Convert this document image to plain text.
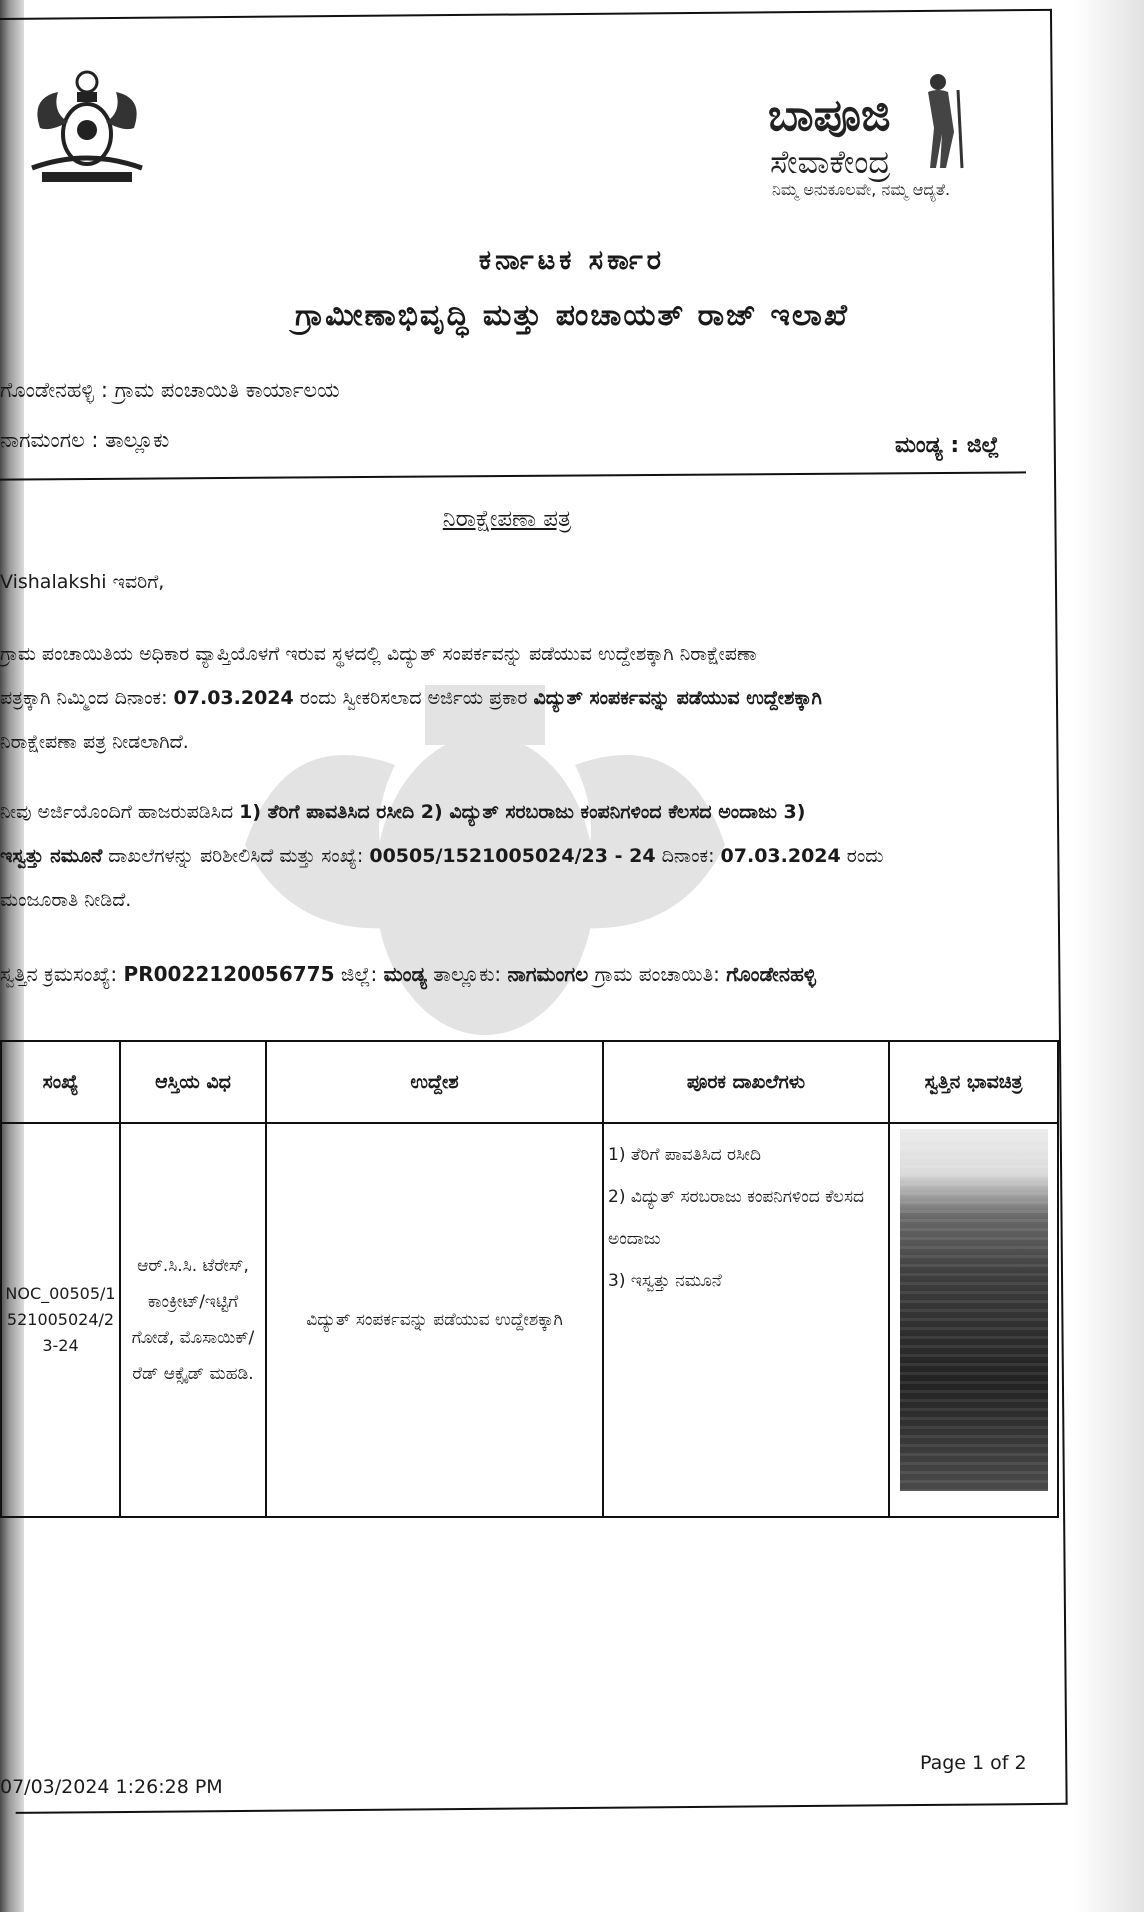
ಬಾಪೂಜಿ
ಸೇವಾಕೇಂದ್ರ
ನಿಮ್ಮ ಅನುಕೂಲವೇ, ನಮ್ಮ ಆದ್ಯತೆ.
ಕರ್ನಾಟಕ ಸರ್ಕಾರ
ಗ್ರಾಮೀಣಾಭಿವೃದ್ಧಿ ಮತ್ತು ಪಂಚಾಯತ್ ರಾಜ್ ಇಲಾಖೆ
ಗೊಂಡೇನಹಳ್ಳಿ : ಗ್ರಾಮ ಪಂಚಾಯಿತಿ ಕಾರ್ಯಾಲಯ
ನಾಗಮಂಗಲ : ತಾಲ್ಲೂಕು	ಮಂಡ್ಯ : ಜಿಲ್ಲೆ
ನಿರಾಕ್ಷೇಪಣಾ ಪತ್ರ
Vishalakshi ಇವರಿಗೆ,
ಗ್ರಾಮ ಪಂಚಾಯಿತಿಯ ಅಧಿಕಾರ ವ್ಯಾಪ್ತಿಯೊಳಗೆ ಇರುವ ಸ್ಥಳದಲ್ಲಿ ವಿದ್ಯುತ್ ಸಂಪರ್ಕವನ್ನು ಪಡೆಯುವ ಉದ್ದೇಶಕ್ಕಾಗಿ ನಿರಾಕ್ಷೇಪಣಾ
ಪತ್ರಕ್ಕಾಗಿ ನಿಮ್ಮಿಂದ ದಿನಾಂಕ: 07.03.2024 ರಂದು ಸ್ವೀಕರಿಸಲಾದ ಅರ್ಜಿಯ ಪ್ರಕಾರ ವಿದ್ಯುತ್ ಸಂಪರ್ಕವನ್ನು ಪಡೆಯುವ ಉದ್ದೇಶಕ್ಕಾಗಿ
ನಿರಾಕ್ಷೇಪಣಾ ಪತ್ರ ನೀಡಲಾಗಿದೆ.
ನೀವು ಅರ್ಜಿಯೊಂದಿಗೆ ಹಾಜರುಪಡಿಸಿದ 1) ತೆರಿಗೆ ಪಾವತಿಸಿದ ರಸೀದಿ 2) ವಿದ್ಯುತ್ ಸರಬರಾಜು ಕಂಪನಿಗಳಿಂದ ಕೆಲಸದ ಅಂದಾಜು 3)
ಇಸ್ವತ್ತು ನಮೂನೆ ದಾಖಲೆಗಳನ್ನು ಪರಿಶೀಲಿಸಿದೆ ಮತ್ತು ಸಂಖ್ಯೆ: 00505/1521005024/23 - 24 ದಿನಾಂಕ: 07.03.2024 ರಂದು
ಮಂಜೂರಾತಿ ನೀಡಿದೆ.
ಸ್ವತ್ತಿನ ಕ್ರಮಸಂಖ್ಯೆ: PR0022120056775 ಜಿಲ್ಲೆ: ಮಂಡ್ಯ ತಾಲ್ಲೂಕು: ನಾಗಮಂಗಲ ಗ್ರಾಮ ಪಂಚಾಯಿತಿ: ಗೊಂಡೇನಹಳ್ಳಿ
ಸಂಖ್ಯೆ	ಆಸ್ತಿಯ ವಿಧ	ಉದ್ದೇಶ	ಪೂರಕ ದಾಖಲೆಗಳು	ಸ್ವತ್ತಿನ ಭಾವಚಿತ್ರ
NOC_00505/1521005024/23-24	ಆರ್.ಸಿ.ಸಿ. ಟೆರೇಸ್, ಕಾಂಕ್ರೀಟ್/ಇಟ್ಟಿಗೆ ಗೋಡೆ, ಮೊಸಾಯಿಕ್/ರೆಡ್ ಆಕ್ಸೈಡ್ ಮಹಡಿ.	ವಿದ್ಯುತ್ ಸಂಪರ್ಕವನ್ನು ಪಡೆಯುವ ಉದ್ದೇಶಕ್ಕಾಗಿ	1) ತೆರಿಗೆ ಪಾವತಿಸಿದ ರಸೀದಿ
2) ವಿದ್ಯುತ್ ಸರಬರಾಜು ಕಂಪನಿಗಳಿಂದ ಕೆಲಸದ ಅಂದಾಜು
3) ಇಸ್ವತ್ತು ನಮೂನೆ	

07/03/2024 1:26:28 PM
Page 1 of 2
